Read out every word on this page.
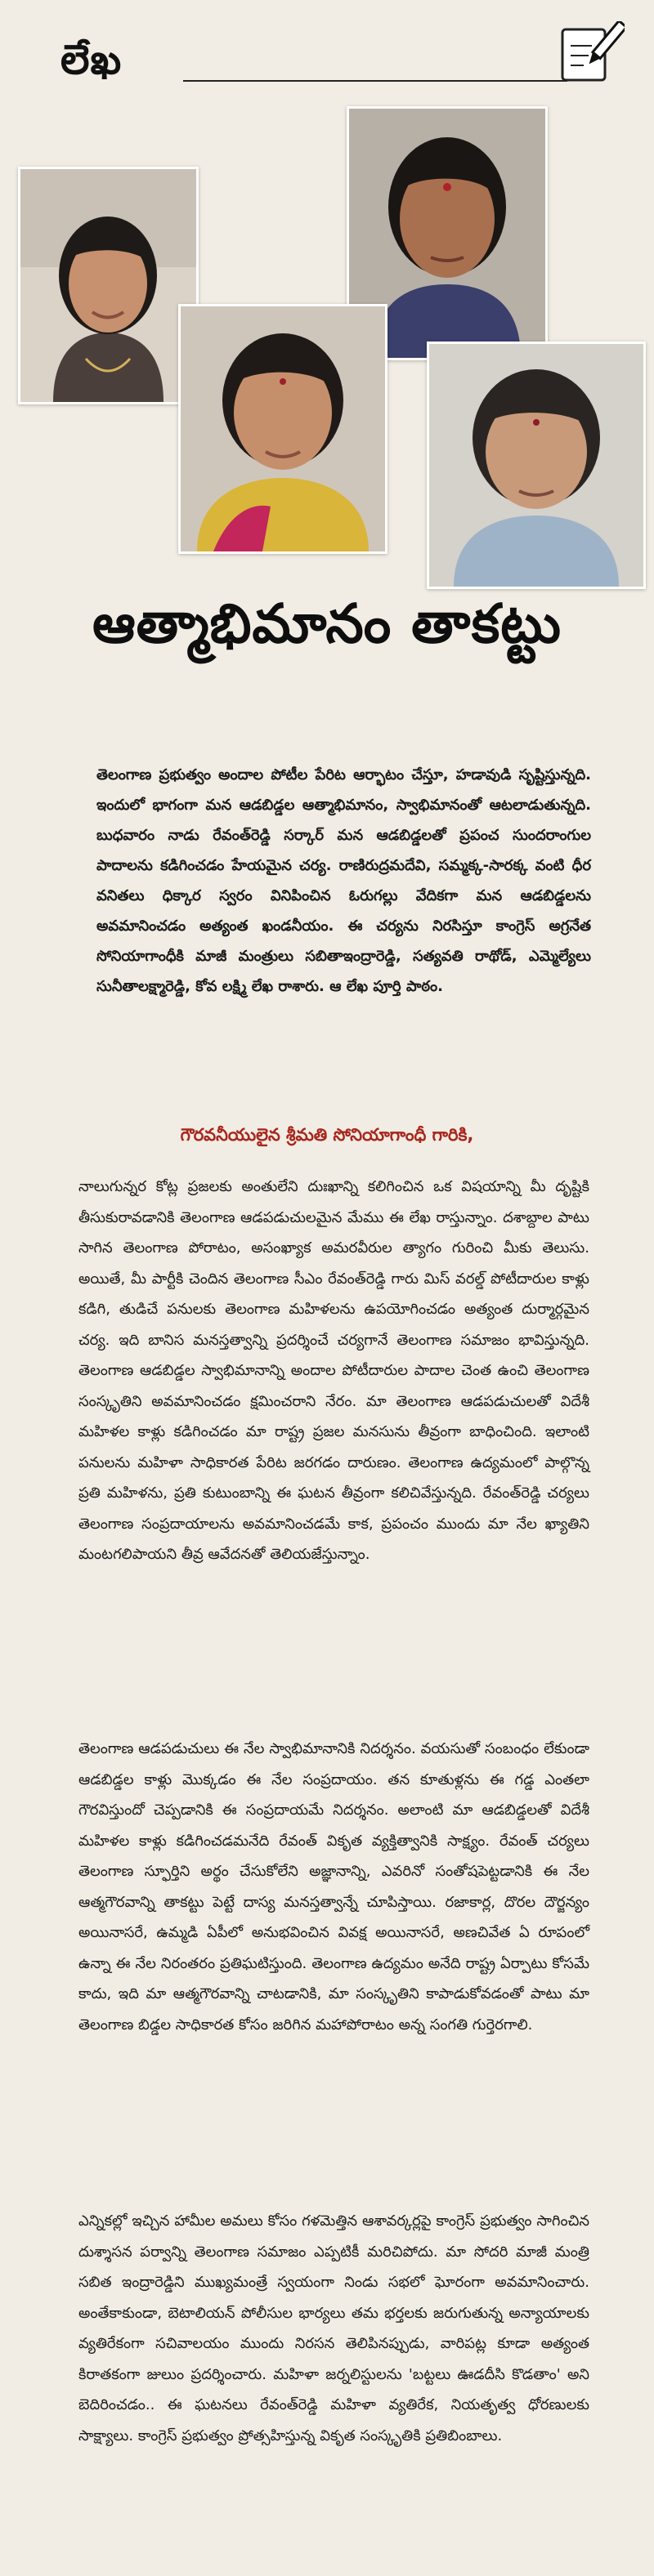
లేఖ
ఆత్మాభిమానం తాకట్టు
తెలంగాణ ప్రభుత్వం అందాల పోటీల పేరిట ఆర్భాటం చేస్తూ, హడావుడి సృష్టిస్తున్నది. ఇందులో భాగంగా మన ఆడబిడ్డల ఆత్మాభిమానం, స్వాభిమానంతో ఆటలాడుతున్నది. బుధవారం నాడు రేవంత్‌రెడ్డి సర్కార్ మన ఆడబిడ్డలతో ప్రపంచ సుందరాంగుల పాదాలను కడిగించడం హేయమైన చర్య. రాణిరుద్రమదేవి, సమ్మక్క-సారక్క వంటి ధీర వనితలు ధిక్కార స్వరం వినిపించిన ఓరుగల్లు వేదికగా మన ఆడబిడ్డలను అవమానించడం అత్యంత ఖండనీయం. ఈ చర్యను నిరసిస్తూ కాంగ్రెస్ అగ్రనేత సోనియాగాంధీకి మాజీ మంత్రులు సబితాఇంద్రారెడ్డి, సత్యవతి రాథోడ్, ఎమ్మెల్యేలు సునీతాలక్ష్మారెడ్డి, కోవ లక్ష్మి లేఖ రాశారు. ఆ లేఖ పూర్తి పాఠం.
గౌరవనీయులైన శ్రీమతి సోనియాగాంధీ గారికి,
నాలుగున్నర కోట్ల ప్రజలకు అంతులేని దుఃఖాన్ని కలిగించిన ఒక విషయాన్ని మీ దృష్టికి తీసుకురావడానికి తెలంగాణ ఆడపడుచులమైన మేము ఈ లేఖ రాస్తున్నాం. దశాబ్దాల పాటు సాగిన తెలంగాణ పోరాటం, అసంఖ్యాక అమరవీరుల త్యాగం గురించి మీకు తెలుసు. అయితే, మీ పార్టీకి చెందిన తెలంగాణ సీఎం రేవంత్‌రెడ్డి గారు మిస్ వరల్డ్ పోటీదారుల కాళ్లు కడిగి, తుడిచే పనులకు తెలంగాణ మహిళలను ఉపయోగించడం అత్యంత దుర్మార్గమైన చర్య. ఇది బానిస మనస్తత్వాన్ని ప్రదర్శించే చర్యగానే తెలంగాణ సమాజం భావిస్తున్నది. తెలంగాణ ఆడబిడ్డల స్వాభిమానాన్ని అందాల పోటీదారుల పాదాల చెంత ఉంచి తెలంగాణ సంస్కృతిని అవమానించడం క్షమించరాని నేరం. మా తెలంగాణ ఆడపడుచులతో విదేశీ మహిళల కాళ్లు కడిగించడం మా రాష్ట్ర ప్రజల మనసును తీవ్రంగా బాధించింది. ఇలాంటి పనులను మహిళా సాధికారత పేరిట జరగడం దారుణం. తెలంగాణ ఉద్యమంలో పాల్గొన్న ప్రతి మహిళను, ప్రతి కుటుంబాన్ని ఈ ఘటన తీవ్రంగా కలిచివేస్తున్నది. రేవంత్‌రెడ్డి చర్యలు తెలంగాణ సంప్రదాయాలను అవమానించడమే కాక, ప్రపంచం ముందు మా నేల ఖ్యాతిని మంటగలిపాయని తీవ్ర ఆవేదనతో తెలియజేస్తున్నాం.
తెలంగాణ ఆడపడుచులు ఈ నేల స్వాభిమానానికి నిదర్శనం. వయసుతో సంబంధం లేకుండా ఆడబిడ్డల కాళ్లు మొక్కడం ఈ నేల సంప్రదాయం. తన కూతుళ్లను ఈ గడ్డ ఎంతలా గౌరవిస్తుందో చెప్పడానికి ఈ సంప్రదాయమే నిదర్శనం. అలాంటి మా ఆడబిడ్డలతో విదేశీ మహిళల కాళ్లు కడిగించడమనేది రేవంత్ వికృత వ్యక్తిత్వానికి సాక్ష్యం. రేవంత్ చర్యలు తెలంగాణ స్ఫూర్తిని అర్థం చేసుకోలేని అజ్ఞానాన్ని, ఎవరినో సంతోషపెట్టడానికి ఈ నేల ఆత్మగౌరవాన్ని తాకట్టు పెట్టే దాస్య మనస్తత్వాన్నే చూపిస్తాయి. రజాకార్ల, దొరల దౌర్జన్యం అయినాసరే, ఉమ్మడి ఏపీలో అనుభవించిన వివక్ష అయినాసరే, అణచివేత ఏ రూపంలో ఉన్నా ఈ నేల నిరంతరం ప్రతిఘటిస్తుంది. తెలంగాణ ఉద్యమం అనేది రాష్ట్ర ఏర్పాటు కోసమే కాదు, ఇది మా ఆత్మగౌరవాన్ని చాటడానికి, మా సంస్కృతిని కాపాడుకోవడంతో పాటు మా తెలంగాణ బిడ్డల సాధికారత కోసం జరిగిన మహాపోరాటం అన్న సంగతి గుర్తెరగాలి.
ఎన్నికల్లో ఇచ్చిన హామీల అమలు కోసం గళమెత్తిన ఆశావర్కర్లపై కాంగ్రెస్ ప్రభుత్వం సాగించిన దుశ్శాసన పర్వాన్ని తెలంగాణ సమాజం ఎప్పటికీ మరిచిపోదు. మా సోదరి మాజీ మంత్రి సబిత ఇంద్రారెడ్డిని ముఖ్యమంత్రే స్వయంగా నిండు సభలో ఘోరంగా అవమానించారు. అంతేకాకుండా, బెటాలియన్ పోలీసుల భార్యలు తమ భర్తలకు జరుగుతున్న అన్యాయాలకు వ్యతిరేకంగా సచివాలయం ముందు నిరసన తెలిపినప్పుడు, వారిపట్ల కూడా అత్యంత కిరాతకంగా జులుం ప్రదర్శించారు. మహిళా జర్నలిస్టులను 'బట్టలు ఊడదీసి కొడతాం' అని బెదిరించడం.. ఈ ఘటనలు రేవంత్‌రెడ్డి మహిళా వ్యతిరేక, నియతృత్వ ధోరణులకు సాక్ష్యాలు. కాంగ్రెస్ ప్రభుత్వం ప్రోత్సహిస్తున్న వికృత సంస్కృతికి ప్రతిబింబాలు.
